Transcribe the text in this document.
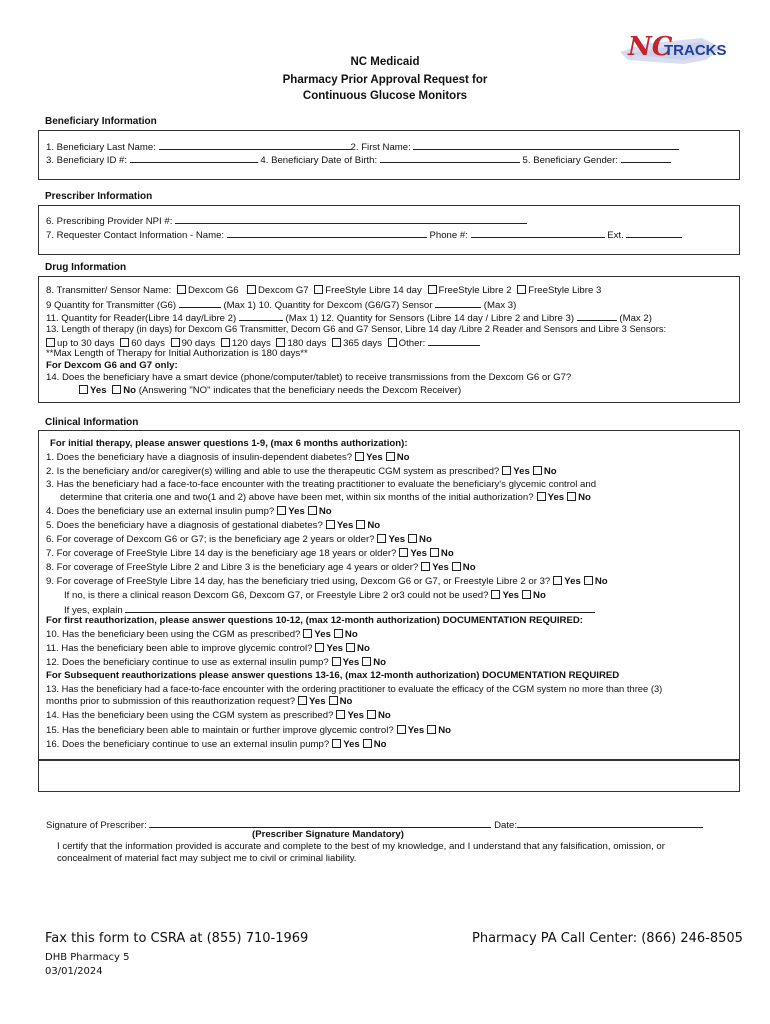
NC
TRACKS
NC Medicaid
Pharmacy Prior Approval Request for
Continuous Glucose Monitors
Beneficiary Information
1. Beneficiary Last Name:	2. First Name:
3. Beneficiary ID #:	4. Beneficiary Date of Birth:	5. Beneficiary Gender:
Prescriber Information
6. Prescribing Provider NPI #:
7. Requester Contact Information - Name:	Phone #:	Ext.
Drug Information
8. Transmitter/ Sensor Name: Dexcom G6 Dexcom G7 FreeStyle Libre 14 day FreeStyle Libre 2 FreeStyle Libre 3
9 Quantity for Transmitter (G6)	(Max 1) 10. Quantity for Dexcom (G6/G7) Sensor	(Max 3)
11. Quantity for Reader(Libre 14 day/Libre 2)	(Max 1) 12. Quantity for Sensors (Libre 14 day / Libre 2 and Libre 3)	(Max 2)
13. Length of therapy (in days) for Dexcom G6 Transmitter, Decom G6 and G7 Sensor, Libre 14 day /Libre 2 Reader and Sensors and Libre 3 Sensors:
up to 30 days 60 days 90 days 120 days 180 days 365 days Other:
**Max Length of Therapy for Initial Authorization is 180 days**
For Dexcom G6 and G7 only:
14. Does the beneficiary have a smart device (phone/computer/tablet) to receive transmissions from the Dexcom G6 or G7?
Yes No (Answering "NO" indicates that the beneficiary needs the Dexcom Receiver)
Clinical Information
For initial therapy, please answer questions 1-9, (max 6 months authorization):
1. Does the beneficiary have a diagnosis of insulin-dependent diabetes? Yes No
2. Is the beneficiary and/or caregiver(s) willing and able to use the therapeutic CGM system as prescribed? Yes No
3. Has the beneficiary had a face-to-face encounter with the treating practitioner to evaluate the beneficiary's glycemic control and
determine that criteria one and two(1 and 2) above have been met, within six months of the initial authorization? Yes No
4. Does the beneficiary use an external insulin pump? Yes No
5. Does the beneficiary have a diagnosis of gestational diabetes? Yes No
6. For coverage of Dexcom G6 or G7; is the beneficiary age 2 years or older? Yes No
7. For coverage of FreeStyle Libre 14 day is the beneficiary age 18 years or older? Yes No
8. For coverage of FreeStyle Libre 2 and Libre 3 is the beneficiary age 4 years or older? Yes No
9. For coverage of FreeStyle Libre 14 day, has the beneficiary tried using, Dexcom G6 or G7, or Freestyle Libre 2 or 3? Yes No
If no, is there a clinical reason Dexcom G6, Dexcom G7, or Freestyle Libre 2 or3 could not be used? Yes No
If yes, explain
For first reauthorization, please answer questions 10-12, (max 12-month authorization) DOCUMENTATION REQUIRED:
10. Has the beneficiary been using the CGM as prescribed? Yes No
11. Has the beneficiary been able to improve glycemic control? Yes No
12. Does the beneficiary continue to use as external insulin pump? Yes No
For Subsequent reauthorizations please answer questions 13-16, (max 12-month authorization) DOCUMENTATION REQUIRED
13. Has the beneficiary had a face-to-face encounter with the ordering practitioner to evaluate the efficacy of the CGM system no more than three (3)
months prior to submission of this reauthorization request? Yes No
14. Has the beneficiary been using the CGM system as prescribed? Yes No
15. Has the beneficiary been able to maintain or further improve glycemic control? Yes No
16. Does the beneficiary continue to use an external insulin pump? Yes No
Signature of Prescriber:	Date:
(Prescriber Signature Mandatory)
I certify that the information provided is accurate and complete to the best of my knowledge, and I understand that any falsification, omission, or
concealment of material fact may subject me to civil or criminal liability.
Fax this form to CSRA at (855) 710-1969	Pharmacy PA Call Center: (866) 246-8505
DHB Pharmacy 5
03/01/2024
